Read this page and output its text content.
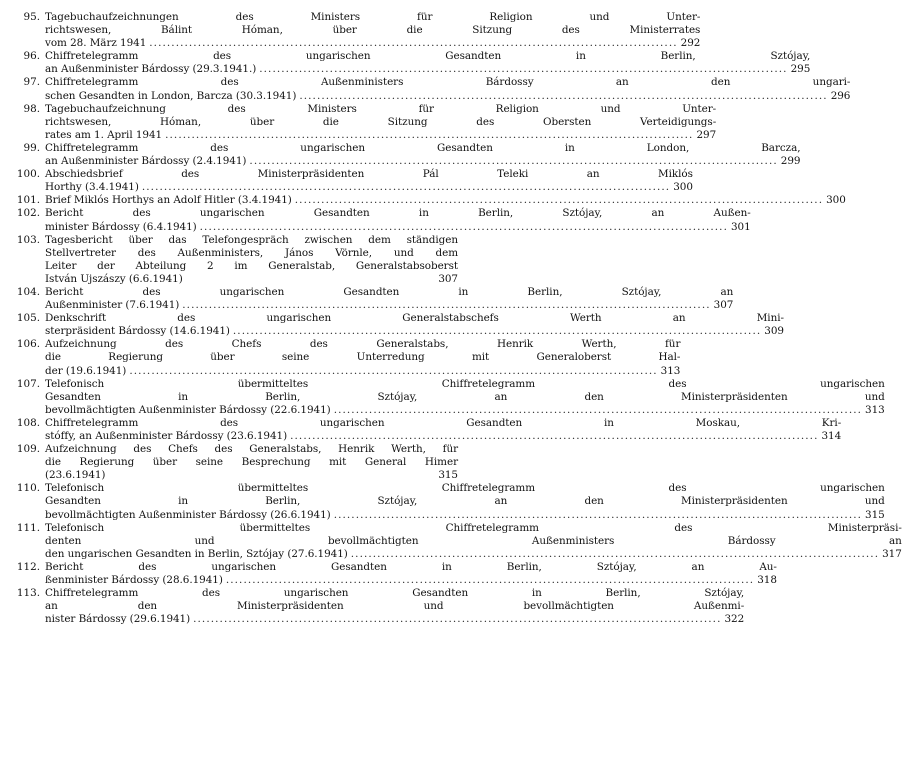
95. Tagebuchaufzeichnungen des Ministers für Religion und Unter-
richtswesen, Bálint Hóman, über die Sitzung des Ministerrates
vom 28. März 1941 ........................................................................................................................ 292
96. Chiffretelegramm des ungarischen Gesandten in Berlin, Sztójay,
an Außenminister Bárdossy (29.3.1941.) ........................................................................................................................ 295
97. Chiffretelegramm des Außenministers Bárdossy an den ungari-
schen Gesandten in London, Barcza (30.3.1941) ........................................................................................................................ 296
98. Tagebuchaufzeichnung des Ministers für Religion und Unter-
richtswesen, Hóman, über die Sitzung des Obersten Verteidigungs-
rates am 1. April 1941 ........................................................................................................................ 297
99. Chiffretelegramm des ungarischen Gesandten in London, Barcza,
an Außenminister Bárdossy (2.4.1941) ........................................................................................................................ 299
100. Abschiedsbrief des Ministerpräsidenten Pál Teleki an Miklós
Horthy (3.4.1941) ........................................................................................................................ 300
101. Brief Miklós Horthys an Adolf Hitler (3.4.1941) ........................................................................................................................ 300
102. Bericht des ungarischen Gesandten in Berlin, Sztójay, an Außen-
minister Bárdossy (6.4.1941) ........................................................................................................................ 301
103. Tagesbericht über das Telefongespräch zwischen dem ständigen
Stellvertreter des Außenministers, János Vörnle, und dem
Leiter der Abteilung 2 im Generalstab, Generalstabsoberst
István Ujszászy (6.6.1941)	307
104. Bericht des ungarischen Gesandten in Berlin, Sztójay, an
Außenminister (7.6.1941) ........................................................................................................................ 307
105. Denkschrift des ungarischen Generalstabschefs Werth an Mini-
sterpräsident Bárdossy (14.6.1941) ........................................................................................................................ 309
106. Aufzeichnung des Chefs des Generalstabs, Henrik Werth, für
die Regierung über seine Unterredung mit Generaloberst Hal-
der (19.6.1941) ........................................................................................................................ 313
107. Telefonisch übermitteltes Chiffretelegramm des ungarischen
Gesandten in Berlin, Sztójay, an den Ministerpräsidenten und
bevollmächtigten Außenminister Bárdossy (22.6.1941) ........................................................................................................................ 313
108. Chiffretelegramm des ungarischen Gesandten in Moskau, Kri-
stóffy, an Außenminister Bárdossy (23.6.1941) ........................................................................................................................ 314
109. Aufzeichnung des Chefs des Generalstabs, Henrik Werth, für
die Regierung über seine Besprechung mit General Himer
(23.6.1941)	315
110. Telefonisch übermitteltes Chiffretelegramm des ungarischen
Gesandten in Berlin, Sztójay, an den Ministerpräsidenten und
bevollmächtigten Außenminister Bárdossy (26.6.1941) ........................................................................................................................ 315
111. Telefonisch übermitteltes Chiffretelegramm des Ministerpräsi-
denten und bevollmächtigten Außenministers Bárdossy an
den ungarischen Gesandten in Berlin, Sztójay (27.6.1941) ........................................................................................................................ 317
112. Bericht des ungarischen Gesandten in Berlin, Sztójay, an Au-
ßenminister Bárdossy (28.6.1941) ........................................................................................................................ 318
113. Chiffretelegramm des ungarischen Gesandten in Berlin, Sztójay,
an den Ministerpräsidenten und bevollmächtigten Außenmi-
nister Bárdossy (29.6.1941) ........................................................................................................................ 322
